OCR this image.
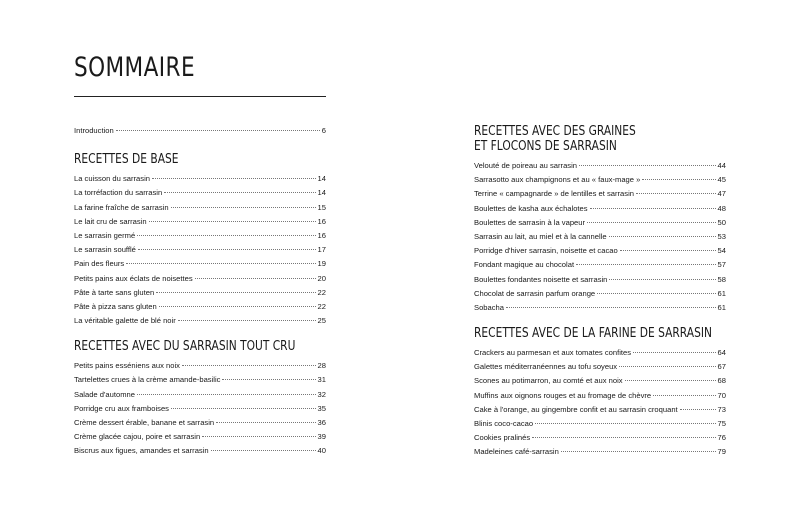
SOMMAIRE
Introduction	6
RECETTES DE BASE
La cuisson du sarrasin	14
La torréfaction du sarrasin	14
La farine fraîche de sarrasin	15
Le lait cru de sarrasin	16
Le sarrasin germé	16
Le sarrasin soufflé	17
Pain des fleurs	19
Petits pains aux éclats de noisettes	20
Pâte à tarte sans gluten	22
Pâte à pizza sans gluten	22
La véritable galette de blé noir	25
RECETTES AVEC DU SARRASIN TOUT CRU
Petits pains esséniens aux noix	28
Tartelettes crues à la crème amande-basilic	31
Salade d'automne	32
Porridge cru aux framboises	35
Crème dessert érable, banane et sarrasin	36
Crème glacée cajou, poire et sarrasin	39
Biscrus aux figues, amandes et sarrasin	40
RECETTES AVEC DES GRAINES
ET FLOCONS DE SARRASIN
Velouté de poireau au sarrasin	44
Sarrasotto aux champignons et au « faux-mage »	45
Terrine « campagnarde » de lentilles et sarrasin	47
Boulettes de kasha aux échalotes	48
Boulettes de sarrasin à la vapeur	50
Sarrasin au lait, au miel et à la cannelle	53
Porridge d'hiver sarrasin, noisette et cacao	54
Fondant magique au chocolat	57
Boulettes fondantes noisette et sarrasin	58
Chocolat de sarrasin parfum orange	61
Sobacha	61
RECETTES AVEC DE LA FARINE DE SARRASIN
Crackers au parmesan et aux tomates confites	64
Galettes méditerranéennes au tofu soyeux	67
Scones au potimarron, au comté et aux noix	68
Muffins aux oignons rouges et au fromage de chèvre	70
Cake à l'orange, au gingembre confit et au sarrasin croquant	73
Blinis coco-cacao	75
Cookies pralinés	76
Madeleines café-sarrasin	79
